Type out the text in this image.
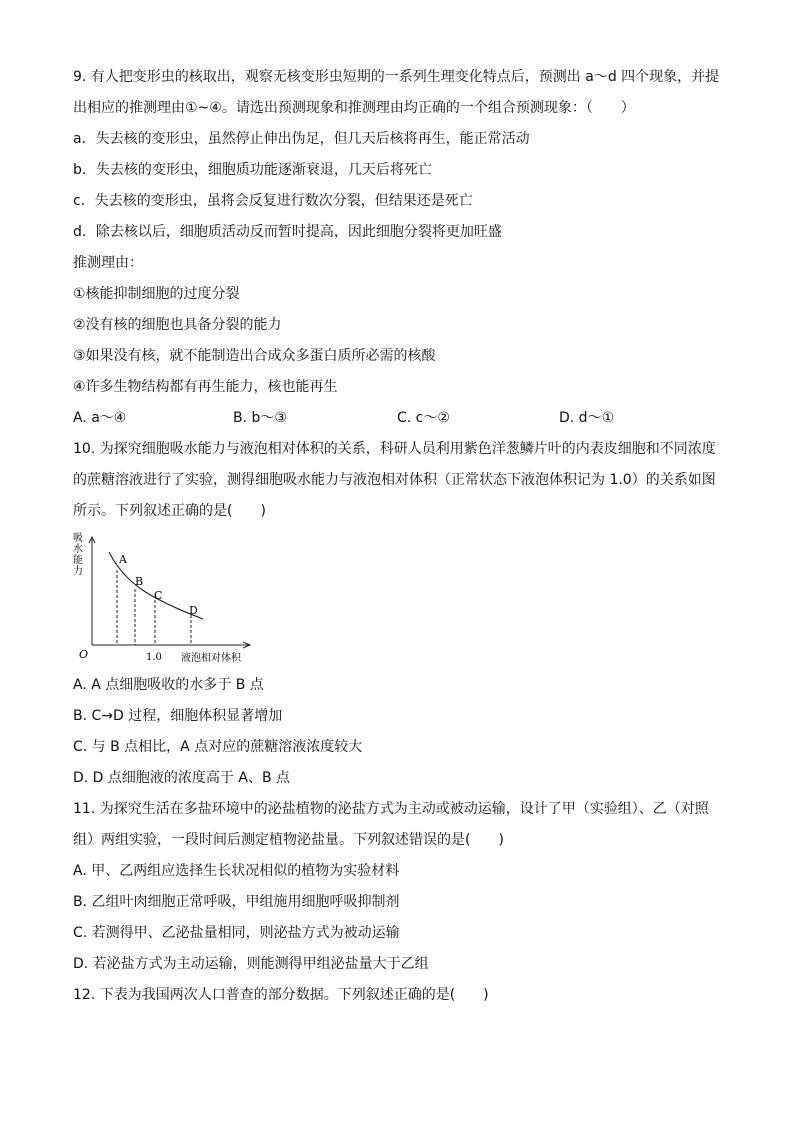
9. 有人把变形虫的核取出，观察无核变形虫短期的一系列生理变化特点后，预测出 a～d 四个现象，并提

出相应的推测理由①~④。请选出预测现象和推测理由均正确的一个组合预测现象：（　　）

a．失去核的变形虫，虽然停止伸出伪足，但几天后核将再生，能正常活动

b．失去核的变形虫，细胞质功能逐渐衰退，几天后将死亡

c．失去核的变形虫，虽将会反复进行数次分裂，但结果还是死亡

d．除去核以后，细胞质活动反而暂时提高，因此细胞分裂将更加旺盛

推测理由：

①核能抑制细胞的过度分裂

②没有核的细胞也具备分裂的能力

③如果没有核，就不能制造出合成众多蛋白质所必需的核酸

④许多生物结构都有再生能力，核也能再生

A. a～④	B. b～③	C. c～②	D. d～①

10. 为探究细胞吸水能力与液泡相对体积的关系，科研人员利用紫色洋葱鳞片叶的内表皮细胞和不同浓度

的蔗糖溶液进行了实验，测得细胞吸水能力与液泡相对体积（正常状态下液泡体积记为 1.0）的关系如图

所示。下列叙述正确的是(　　)

吸
水
能
力
A
B
C
D
O	1.0 液泡相对体积

A. A 点细胞吸收的水多于 B 点

B. C→D 过程，细胞体积显著增加

C. 与 B 点相比，A 点对应的蔗糖溶液浓度较大

D. D 点细胞液的浓度高于 A、B 点

11. 为探究生活在多盐环境中的泌盐植物的泌盐方式为主动或被动运输，设计了甲（实验组）、乙（对照

组）两组实验，一段时间后测定植物泌盐量。下列叙述错误的是(　　)

A. 甲、乙两组应选择生长状况相似的植物为实验材料

B. 乙组叶肉细胞正常呼吸，甲组施用细胞呼吸抑制剂

C. 若测得甲、乙泌盐量相同，则泌盐方式为被动运输

D. 若泌盐方式为主动运输，则能测得甲组泌盐量大于乙组

12. 下表为我国两次人口普查的部分数据。下列叙述正确的是(　　)
